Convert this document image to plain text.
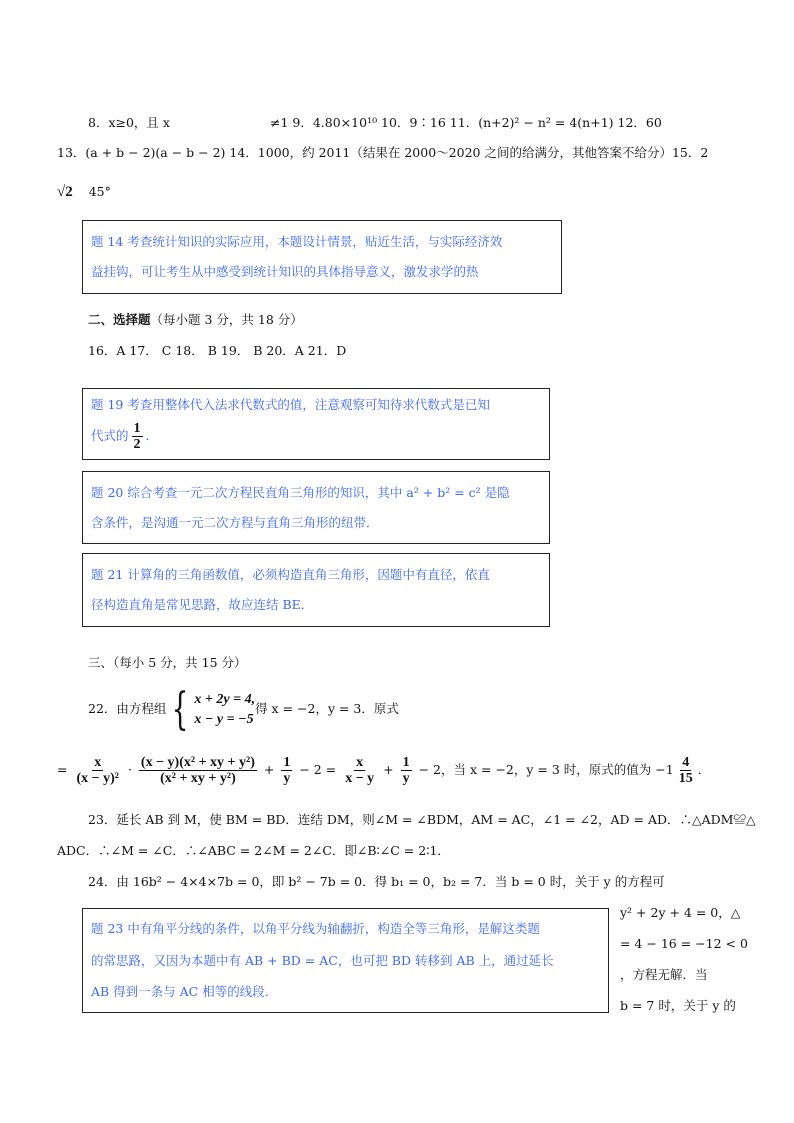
8．x≥0，且 x	≠1 9．4.80×10¹⁰ 10．9∶16 11．(n+2)² − n² = 4(n+1) 12．60
13．(a + b − 2)(a − b − 2) 14．1000，约 2011（结果在 2000～2020 之间的给满分，其他答案不给分）15．2
√2 45°
题 14 考查统计知识的实际应用，本题设计情景，贴近生活，与实际经济效
益挂钩，可让考生从中感受到统计知识的具体指导意义，激发求学的热
二、选择题（每小题 3 分，共 18 分）
16．A 17． C 18． B 19． B 20．A 21．D
题 19 考查用整体代入法求代数式的值，注意观察可知待求代数式是已知
代式的 $\frac{1}{2}$ ．
题 20 综合考查一元二次方程民直角三角形的知识，其中 a² + b² = c² 是隐
含条件，是沟通一元二次方程与直角三角形的纽带．
题 21 计算角的三角函数值，必须构造直角三角形，因题中有直径，依直
径构造直角是常见思路，故应连结 BE．
三、（每小 5 分，共 15 分）
22．由方程组 { x + 2y = 4,
x − y = −5
得 x = −2，y = 3．原式
= $\frac{x}{\text{(x − y)²}} \cdot \frac{\text{(x − y)(x² + xy + y²)}}{\text{(x² + xy + y²)}} + \frac{1}{y} - 2 = \frac{x}{x - y} + \frac{1}{y} - 2$，当 x = −2，y = 3 时，原式的值为 $-1 \frac{4}{15}$ ．
23．延长 AB 到 M，使 BM = BD．连结 DM，则∠M = ∠BDM，AM = AC，∠1 = ∠2，AD = AD．∴△ADM≌△
ADC．∴∠M = ∠C．∴∠ABC = 2∠M = 2∠C．即∠B∶∠C = 2∶1．
24．由 16b² − 4×4×7b = 0，即 b² − 7b = 0．得 b₁ = 0，b₂ = 7．当 b = 0 时，关于 y 的方程可
题 23 中有角平分线的条件，以角平分线为轴翻折，构造全等三角形，是解这类题
的常思路，又因为本题中有 AB + BD = AC，也可把 BD 转移到 AB 上，通过延长
AB 得到一条与 AC 相等的线段．
y² + 2y + 4 = 0，△
= 4 − 16 = −12 < 0
，方程无解．当
b = 7 时，关于 y 的
